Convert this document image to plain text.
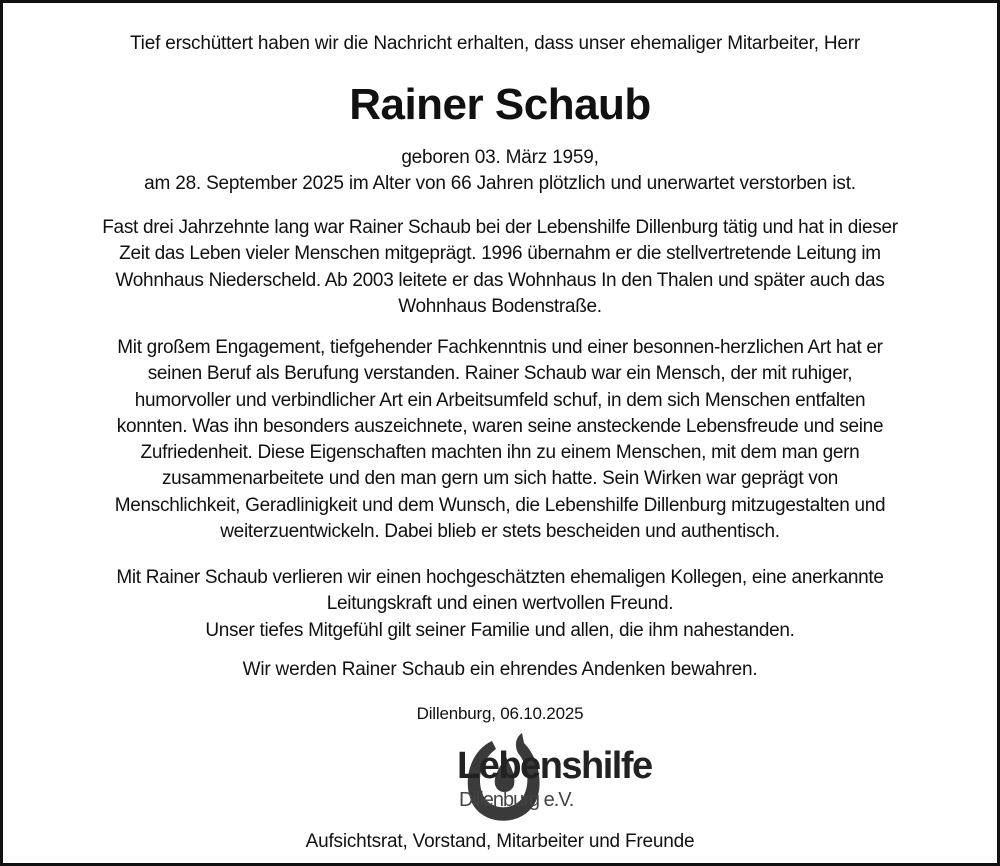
Tief erschüttert haben wir die Nachricht erhalten, dass unser ehemaliger Mitarbeiter, Herr
Rainer Schaub
geboren 03. März 1959,
am 28. September 2025 im Alter von 66 Jahren plötzlich und unerwartet verstorben ist.
Fast drei Jahrzehnte lang war Rainer Schaub bei der Lebenshilfe Dillenburg tätig und hat in dieser
Zeit das Leben vieler Menschen mitgeprägt. 1996 übernahm er die stellvertretende Leitung im
Wohnhaus Niederscheld. Ab 2003 leitete er das Wohnhaus In den Thalen und später auch das
Wohnhaus Bodenstraße.
Mit großem Engagement, tiefgehender Fachkenntnis und einer besonnen-herzlichen Art hat er
seinen Beruf als Berufung verstanden. Rainer Schaub war ein Mensch, der mit ruhiger,
humorvoller und verbindlicher Art ein Arbeitsumfeld schuf, in dem sich Menschen entfalten
konnten. Was ihn besonders auszeichnete, waren seine ansteckende Lebensfreude und seine
Zufriedenheit. Diese Eigenschaften machten ihn zu einem Menschen, mit dem man gern
zusammenarbeitete und den man gern um sich hatte. Sein Wirken war geprägt von
Menschlichkeit, Geradlinigkeit und dem Wunsch, die Lebenshilfe Dillenburg mitzugestalten und
weiterzuentwickeln. Dabei blieb er stets bescheiden und authentisch.
Mit Rainer Schaub verlieren wir einen hochgeschätzten ehemaligen Kollegen, eine anerkannte
Leitungskraft und einen wertvollen Freund.
Unser tiefes Mitgefühl gilt seiner Familie und allen, die ihm nahestanden.
Wir werden Rainer Schaub ein ehrendes Andenken bewahren.
Dillenburg, 06.10.2025
Lebenshilfe
Dillenburg e.V.
Aufsichtsrat, Vorstand, Mitarbeiter und Freunde
